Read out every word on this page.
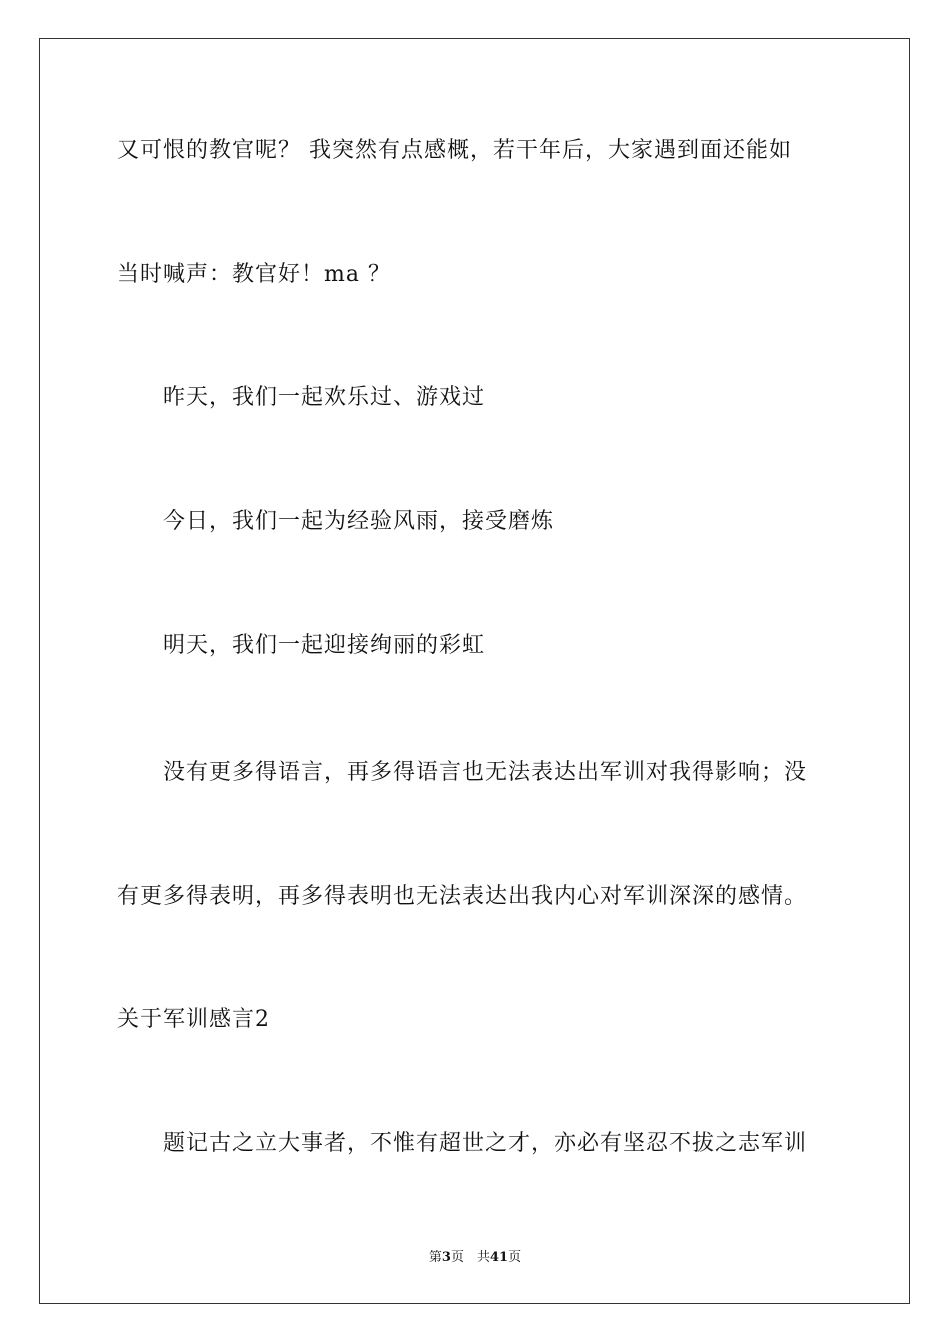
又可恨的教官呢？ 我突然有点感概，若干年后，大家遇到面还能如
当时喊声：教官好！ma ？
昨天，我们一起欢乐过、游戏过
今日，我们一起为经验风雨，接受磨炼
明天，我们一起迎接绚丽的彩虹
没有更多得语言，再多得语言也无法表达出军训对我得影响；没
有更多得表明，再多得表明也无法表达出我内心对军训深深的感情。
关于军训感言2
题记古之立大事者，不惟有超世之才，亦必有坚忍不拔之志军训
第3页　共41页
